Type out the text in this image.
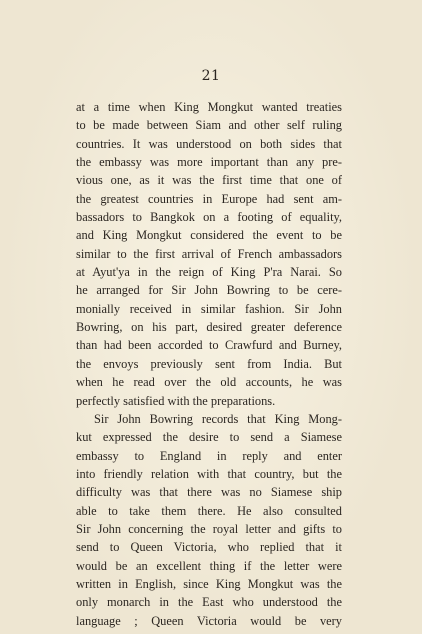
21
at a time when King Mongkut wanted treaties
to be made between Siam and other self ruling
countries. It was understood on both sides that
the embassy was more important than any pre-
vious one, as it was the first time that one of
the greatest countries in Europe had sent am-
bassadors to Bangkok on a footing of equality,
and King Mongkut considered the event to be
similar to the first arrival of French ambassadors
at Ayut'ya in the reign of King P'ra Narai. So
he arranged for Sir John Bowring to be cere-
monially received in similar fashion. Sir John
Bowring, on his part, desired greater deference
than had been accorded to Crawfurd and Burney,
the envoys previously sent from India. But
when he read over the old accounts, he was
perfectly satisfied with the preparations.
Sir John Bowring records that King Mong-
kut expressed the desire to send a Siamese
embassy to England in reply and enter
into friendly relation with that country, but the
difficulty was that there was no Siamese ship
able to take them there. He also consulted
Sir John concerning the royal letter and gifts to
send to Queen Victoria, who replied that it
would be an excellent thing if the letter were
written in English, since King Mongkut was the
only monarch in the East who understood the
language ; Queen Victoria would be very
